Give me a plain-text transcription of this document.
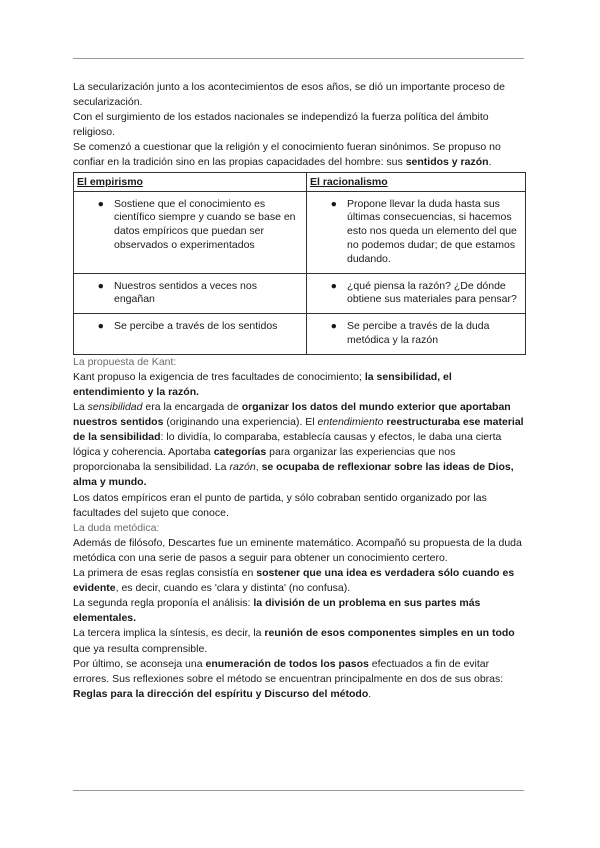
La secularización junto a los acontecimientos de esos años, se dió un importante proceso de secularización.

Con el surgimiento de los estados nacionales se independizó la fuerza política del ámbito religioso.

Se comenzó a cuestionar que la religión y el conocimiento fueran sinónimos. Se propuso no confiar en la tradición sino en las propias capacidades del hombre: sus sentidos y razón.

El empirismo	El racionalismo

● Sostiene que el conocimiento es científico siempre y cuando se base en datos empíricos que puedan ser observados o experimentados	● Propone llevar la duda hasta sus últimas consecuencias, si hacemos esto nos queda un elemento del que no podemos dudar; de que estamos dudando.

● Nuestros sentidos a veces nos engañan	● ¿qué piensa la razón? ¿De dónde obtiene sus materiales para pensar?

● Se percibe a través de los sentidos	● Se percibe a través de la duda metódica y la razón

La propuesta de Kant:

Kant propuso la exigencia de tres facultades de conocimiento; la sensibilidad, el entendimiento y la razón.

La sensibilidad era la encargada de organizar los datos del mundo exterior que aportaban nuestros sentidos (originando una experiencia). El entendimiento reestructuraba ese material de la sensibilidad: lo dividía, lo comparaba, establecía causas y efectos, le daba una cierta lógica y coherencia. Aportaba categorías para organizar las experiencias que nos proporcionaba la sensibilidad. La razón, se ocupaba de reflexionar sobre las ideas de Dios, alma y mundo.

Los datos empíricos eran el punto de partida, y sólo cobraban sentido organizado por las facultades del sujeto que conoce.

La duda metódica:

Además de filósofo, Descartes fue un eminente matemático. Acompañó su propuesta de la duda metódica con una serie de pasos a seguir para obtener un conocimiento certero.

La primera de esas reglas consistía en sostener que una idea es verdadera sólo cuando es evidente, es decir, cuando es 'clara y distinta' (no confusa).

La segunda regla proponía el análisis: la división de un problema en sus partes más elementales.

La tercera implica la síntesis, es decir, la reunión de esos componentes simples en un todo que ya resulta comprensible.

Por último, se aconseja una enumeración de todos los pasos efectuados a fin de evitar errores. Sus reflexiones sobre el método se encuentran principalmente en dos de sus obras: Reglas para la dirección del espíritu y Discurso del método.
